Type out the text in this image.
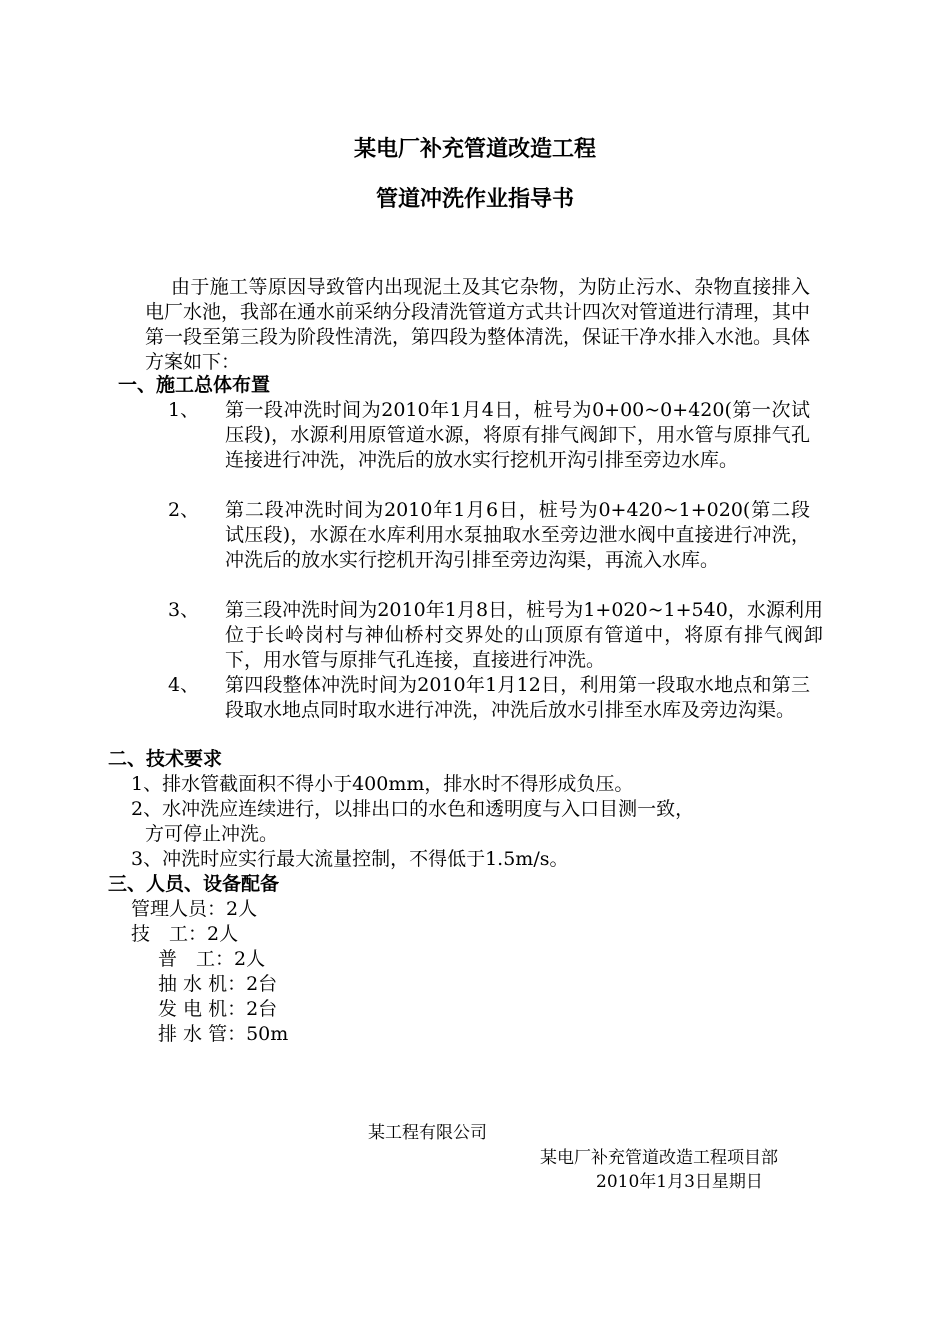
某电厂补充管道改造工程
管道冲洗作业指导书
由于施工等原因导致管内出现泥土及其它杂物，为防止污水、杂物直接排入电厂水池，我部在通水前采纳分段清洗管道方式共计四次对管道进行清理，其中第一段至第三段为阶段性清洗，第四段为整体清洗，保证干净水排入水池。具体方案如下：
一、施工总体布置
1、 第一段冲洗时间为2010年1月4日，桩号为0+00~0+420(第一次试压段)，水源利用原管道水源，将原有排气阀卸下，用水管与原排气孔连接进行冲洗，冲洗后的放水实行挖机开沟引排至旁边水库。
2、 第二段冲洗时间为2010年1月6日，桩号为0+420~1+020(第二段试压段)，水源在水库利用水泵抽取水至旁边泄水阀中直接进行冲洗，冲洗后的放水实行挖机开沟引排至旁边沟渠，再流入水库。
3、 第三段冲洗时间为2010年1月8日，桩号为1+020~1+540，水源利用位于长岭岗村与神仙桥村交界处的山顶原有管道中，将原有排气阀卸下，用水管与原排气孔连接，直接进行冲洗。
4、 第四段整体冲洗时间为2010年1月12日，利用第一段取水地点和第三段取水地点同时取水进行冲洗，冲洗后放水引排至水库及旁边沟渠。
二、技术要求
1、排水管截面积不得小于400mm，排水时不得形成负压。
2、水冲洗应连续进行，以排出口的水色和透明度与入口目测一致，
方可停止冲洗。
3、冲洗时应实行最大流量控制，不得低于1.5m/s。
三、人员、设备配备
管理人员：2人
技　工：2人
普　工：2人
抽 水 机：2台
发 电 机：2台
排 水 管：50m
某工程有限公司
某电厂补充管道改造工程项目部
2010年1月3日星期日
